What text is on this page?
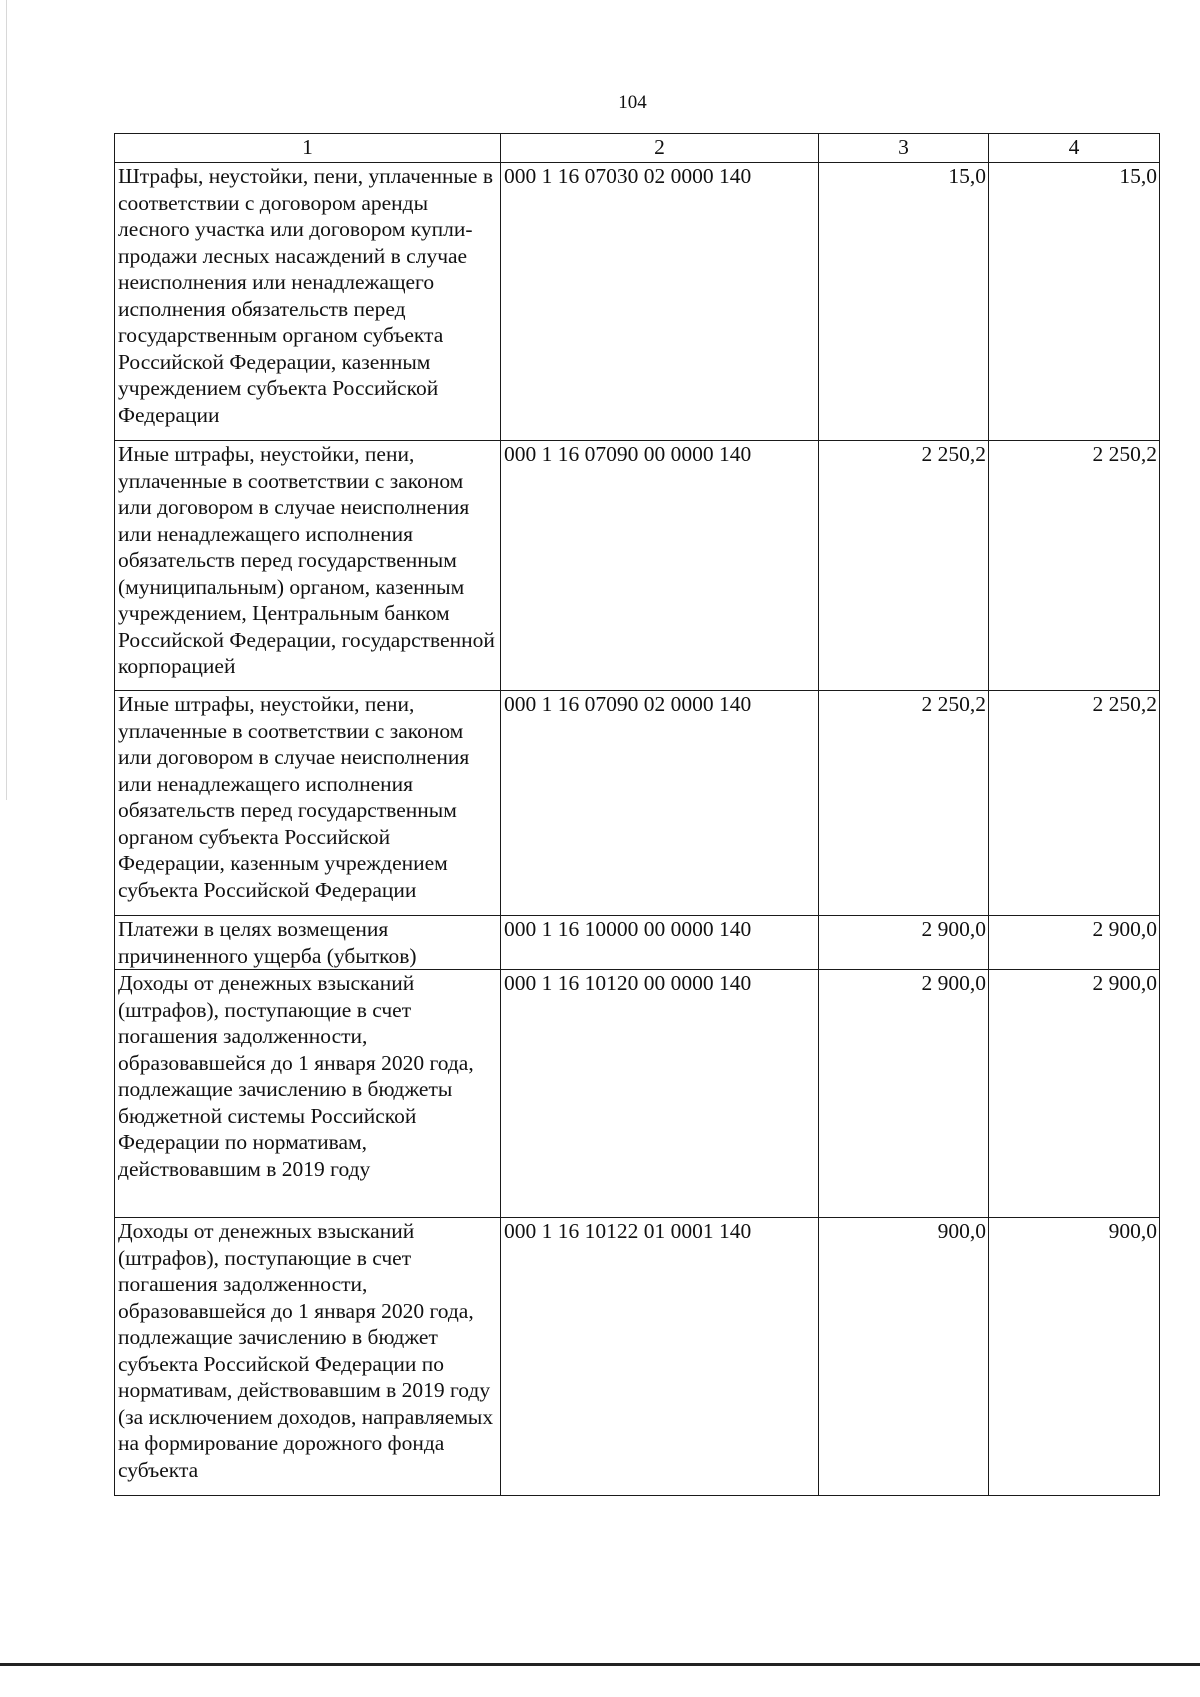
104
1	2	3	4
Штрафы, неустойки, пени, уплаченные в соответствии с договором аренды лесного участка или договором купли-продажи лесных насаждений в случае неисполнения или ненадлежащего исполнения обязательств перед государственным органом субъекта Российской Федерации, казенным учреждением субъекта Российской Федерации	000 1 16 07030 02 0000 140	15,0	15,0
Иные штрафы, неустойки, пени, уплаченные в соответствии с законом или договором в случае неисполнения или ненадлежащего исполнения обязательств перед государственным (муниципальным) органом, казенным учреждением, Центральным банком Российской Федерации, государственной корпорацией	000 1 16 07090 00 0000 140	2 250,2	2 250,2
Иные штрафы, неустойки, пени, уплаченные в соответствии с законом или договором в случае неисполнения или ненадлежащего исполнения обязательств перед государственным органом субъекта Российской Федерации, казенным учреждением субъекта Российской Федерации	000 1 16 07090 02 0000 140	2 250,2	2 250,2
Платежи в целях возмещения причиненного ущерба (убытков)	000 1 16 10000 00 0000 140	2 900,0	2 900,0
Доходы от денежных взысканий (штрафов), поступающие в счет погашения задолженности, образовавшейся до 1 января 2020 года, подлежащие зачислению в бюджеты бюджетной системы Российской Федерации по нормативам, действовавшим в 2019 году	000 1 16 10120 00 0000 140	2 900,0	2 900,0
Доходы от денежных взысканий (штрафов), поступающие в счет погашения задолженности, образовавшейся до 1 января 2020 года, подлежащие зачислению в бюджет субъекта Российской Федерации по нормативам, действовавшим в 2019 году (за исключением доходов, направляемых на формирование дорожного фонда субъекта	000 1 16 10122 01 0001 140	900,0	900,0
